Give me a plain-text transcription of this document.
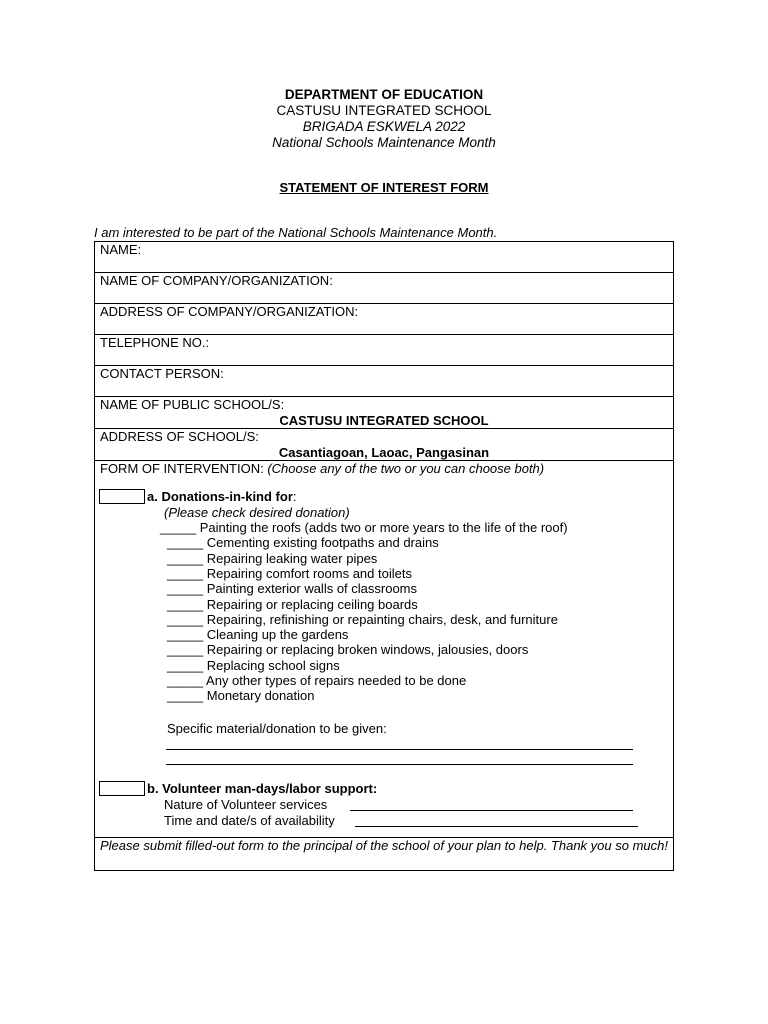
DEPARTMENT OF EDUCATION
CASTUSU INTEGRATED SCHOOL
BRIGADA ESKWELA 2022
National Schools Maintenance Month
STATEMENT OF INTEREST FORM
I am interested to be part of the National Schools Maintenance Month.
NAME:
NAME OF COMPANY/ORGANIZATION:
ADDRESS OF COMPANY/ORGANIZATION:
TELEPHONE NO.:
CONTACT PERSON:

NAME OF PUBLIC SCHOOL/S:
CASTUSU INTEGRATED SCHOOL

ADDRESS OF SCHOOL/S:
Casantiagoan, Laoac, Pangasinan

FORM OF INTERVENTION: (Choose any of the two or you can choose both)
a. Donations-in-kind for:
(Please check desired donation)
_____ Painting the roofs (adds two or more years to the life of the roof)
_____ Cementing existing footpaths and drains
_____ Repairing leaking water pipes
_____ Repairing comfort rooms and toilets
_____ Painting exterior walls of classrooms
_____ Repairing or replacing ceiling boards
_____ Repairing, refinishing or repainting chairs, desk, and furniture
_____ Cleaning up the gardens
_____ Repairing or replacing broken windows, jalousies, doors
_____ Replacing school signs
_____ Any other types of repairs needed to be done
_____ Monetary donation
Specific material/donation to be given:
b. Volunteer man-days/labor support:
Nature of Volunteer services
Time and date/s of availability

Please submit filled-out form to the principal of the school of your plan to help. Thank you so much!
